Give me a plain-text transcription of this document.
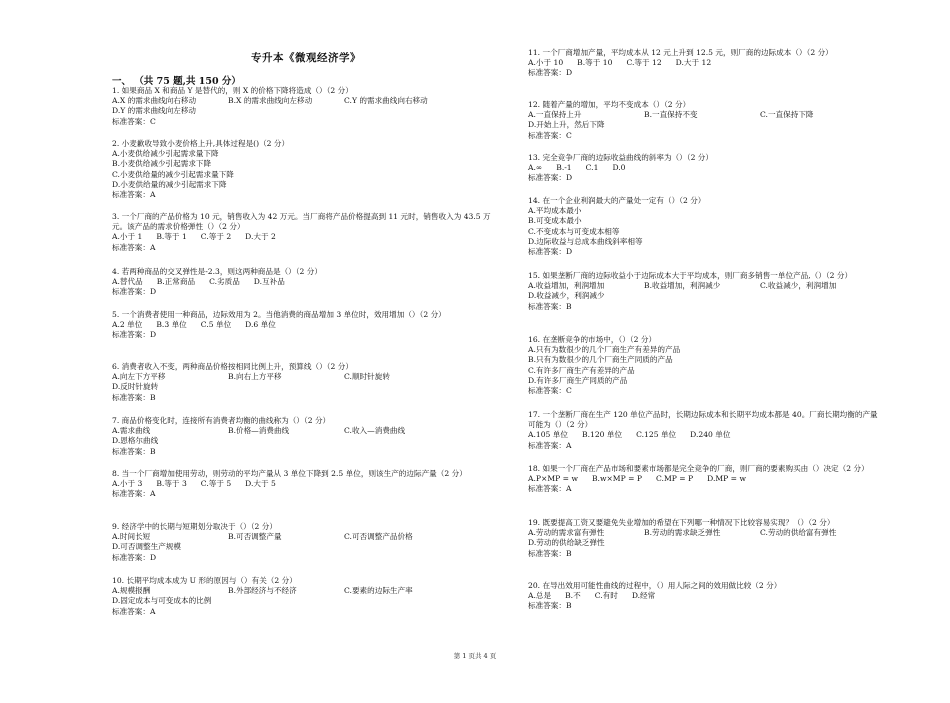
专升本《微观经济学》
一、 （共 75 题,共 150 分）
1. 如果商品 X 和商品 Y 是替代的，则 X 的价格下降将造成（）（2 分）
A.X 的需求曲线向右移动	B.X 的需求曲线向左移动	C.Y 的需求曲线向右移动
D.Y 的需求曲线向左移动
标准答案：C
2. 小麦歉收导致小麦价格上升,具体过程是()（2 分）
A.小麦供给减少引起需求量下降
B.小麦供给减少引起需求下降
C.小麦供给量的减少引起需求量下降
D.小麦供给量的减少引起需求下降
标准答案：A
3. 一个厂商的产品价格为 10 元，销售收入为 42 万元。当厂商将产品价格提高到 11 元时，销售收入为 43.5 万元。该产品的需求价格弹性（）（2 分）
A.小于 1 B.等于 1 C.等于 2 D.大于 2
标准答案：A
4. 若两种商品的交叉弹性是-2.3，则这两种商品是（）（2 分）
A.替代品 B.正常商品 C.劣质品 D.互补品
标准答案：D
5. 一个消费者使用一种商品，边际效用为 2。当他消费的商品增加 3 单位时，效用增加（）（2 分）
A.2 单位 B.3 单位 C.5 单位 D.6 单位
标准答案：D
6. 消费者收入不变，两种商品价格按相同比例上升，预算线（）（2 分）
A.向左下方平移	B.向右上方平移	C.顺时针旋转
D.反时针旋转
标准答案：B
7. 商品价格变化时，连接所有消费者均衡的曲线称为（）（2 分）
A.需求曲线	B.价格—消费曲线	C.收入—消费曲线
D.恩格尔曲线
标准答案：B
8. 当一个厂商增加使用劳动，则劳动的平均产量从 3 单位下降到 2.5 单位，则该生产的边际产量（2 分）
A.小于 3 B.等于 3 C.等于 5 D.大于 5
标准答案：A
9. 经济学中的长期与短期划分取决于（）（2 分）
A.时间长短	B.可否调整产量	C.可否调整产品价格
D.可否调整生产规模
标准答案：D
10. 长期平均成本成为 U 形的原因与（）有关（2 分）
A.规模报酬	B.外部经济与不经济	C.要素的边际生产率
D.固定成本与可变成本的比例
标准答案：A
11. 一个厂商增加产量，平均成本从 12 元上升到 12.5 元，则厂商的边际成本（）（2 分）
A.小于 10 B.等于 10 C.等于 12 D.大于 12
标准答案：D
12. 随着产量的增加，平均不变成本（）（2 分）
A.一直保持上升	B.一直保持不变	C.一直保持下降
D.开始上升，然后下降
标准答案：C
13. 完全竞争厂商的边际收益曲线的斜率为（）（2 分）
A.∞ B.-1 C.1 D.0
标准答案：D
14. 在一个企业利润最大的产量处一定有（）（2 分）
A.平均成本最小
B.可变成本最小
C.不变成本与可变成本相等
D.边际收益与总成本曲线斜率相等
标准答案：D
15. 如果垄断厂商的边际收益小于边际成本大于平均成本，则厂商多销售一单位产品,（）（2 分）
A.收益增加，利润增加	B.收益增加，利润减少	C.收益减少，利润增加
D.收益减少，利润减少
标准答案：B
16. 在垄断竞争的市场中，（）（2 分）
A.只有为数很少的几个厂商生产有差异的产品
B.只有为数很少的几个厂商生产同质的产品
C.有许多厂商生产有差异的产品
D.有许多厂商生产同质的产品
标准答案：C
17. 一个垄断厂商在生产 120 单位产品时，长期边际成本和长期平均成本都是 40。厂商长期均衡的产量可能为（）（2 分）
A.105 单位 B.120 单位 C.125 单位 D.240 单位
标准答案：A
18. 如果一个厂商在产品市场和要素市场都是完全竞争的厂商，则厂商的要素购买由（）决定（2 分）
A.P×MP = w B.w×MP = P C.MP = P D.MP = w
标准答案：A
19. 既要提高工资又要避免失业增加的希望在下列哪一种情况下比较容易实现？（）（2 分）
A.劳动的需求富有弹性	B.劳动的需求缺乏弹性	C.劳动的供给富有弹性
D.劳动的供给缺乏弹性
标准答案：B
20. 在导出效用可能性曲线的过程中，（）用人际之间的效用做比较（2 分）
A.总是 B.不 C.有时 D.经常
标准答案：B
第 1 页共 4 页
